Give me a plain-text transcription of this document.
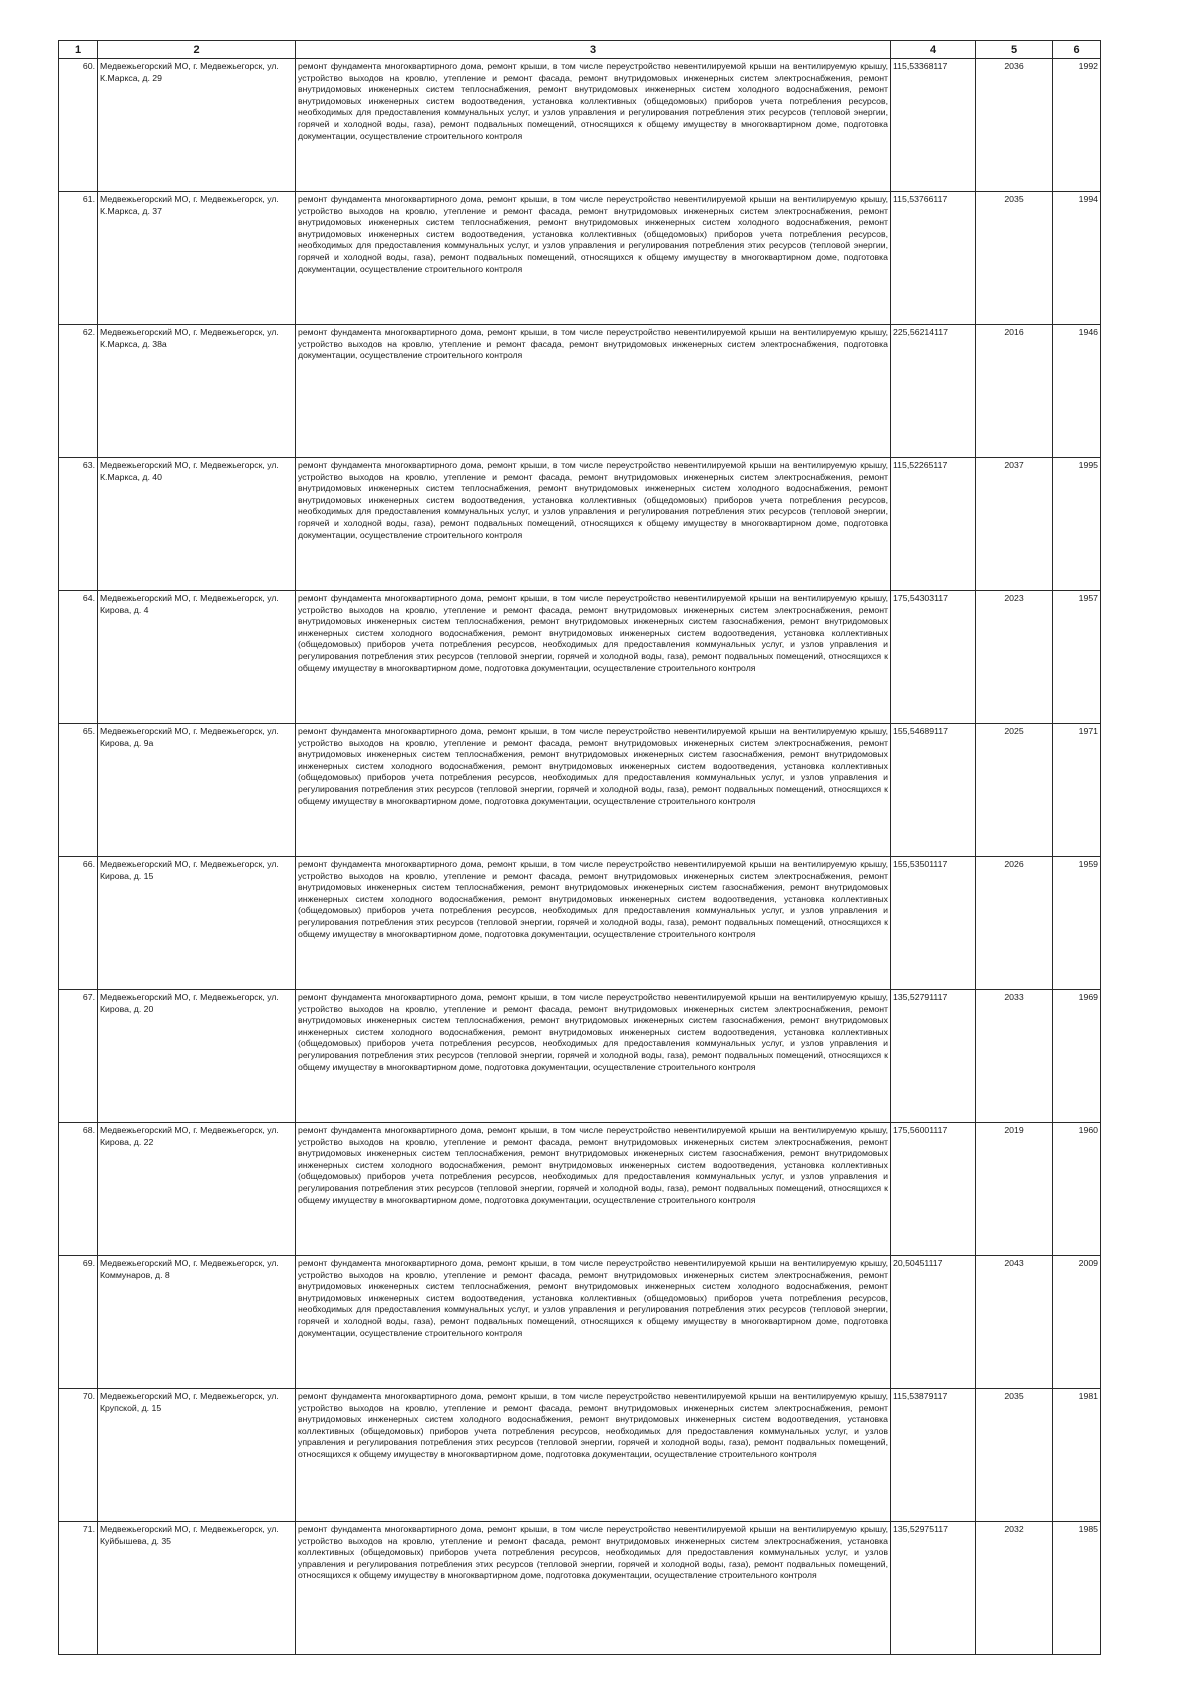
1	2	3	4	5	6
60.	Медвежьегорский МО, г. Медвежьегорск, ул. К.Маркса, д. 29	ремонт фундамента многоквартирного дома, ремонт крыши, в том числе переустройство невентилируемой крыши на вентилируемую крышу, устройство выходов на кровлю, утепление и ремонт фасада, ремонт внутридомовых инженерных систем электроснабжения, ремонт внутридомовых инженерных систем теплоснабжения, ремонт внутридомовых инженерных систем холодного водоснабжения, ремонт внутридомовых инженерных систем водоотведения, установка коллективных (общедомовых) приборов учета потребления ресурсов, необходимых для предоставления коммунальных услуг, и узлов управления и регулирования потребления этих ресурсов (тепловой энергии, горячей и холодной воды, газа), ремонт подвальных помещений, относящихся к общему имуществу в многоквартирном доме, подготовка документации, осуществление строительного контроля	115,53368117	2036	1992
61.	Медвежьегорский МО, г. Медвежьегорск, ул. К.Маркса, д. 37	ремонт фундамента многоквартирного дома, ремонт крыши, в том числе переустройство невентилируемой крыши на вентилируемую крышу, устройство выходов на кровлю, утепление и ремонт фасада, ремонт внутридомовых инженерных систем электроснабжения, ремонт внутридомовых инженерных систем теплоснабжения, ремонт внутридомовых инженерных систем холодного водоснабжения, ремонт внутридомовых инженерных систем водоотведения, установка коллективных (общедомовых) приборов учета потребления ресурсов, необходимых для предоставления коммунальных услуг, и узлов управления и регулирования потребления этих ресурсов (тепловой энергии, горячей и холодной воды, газа), ремонт подвальных помещений, относящихся к общему имуществу в многоквартирном доме, подготовка документации, осуществление строительного контроля	115,53766117	2035	1994
62.	Медвежьегорский МО, г. Медвежьегорск, ул. К.Маркса, д. 38а	ремонт фундамента многоквартирного дома, ремонт крыши, в том числе переустройство невентилируемой крыши на вентилируемую крышу, устройство выходов на кровлю, утепление и ремонт фасада, ремонт внутридомовых инженерных систем электроснабжения, подготовка документации, осуществление строительного контроля	225,56214117	2016	1946
63.	Медвежьегорский МО, г. Медвежьегорск, ул. К.Маркса, д. 40	ремонт фундамента многоквартирного дома, ремонт крыши, в том числе переустройство невентилируемой крыши на вентилируемую крышу, устройство выходов на кровлю, утепление и ремонт фасада, ремонт внутридомовых инженерных систем электроснабжения, ремонт внутридомовых инженерных систем теплоснабжения, ремонт внутридомовых инженерных систем холодного водоснабжения, ремонт внутридомовых инженерных систем водоотведения, установка коллективных (общедомовых) приборов учета потребления ресурсов, необходимых для предоставления коммунальных услуг, и узлов управления и регулирования потребления этих ресурсов (тепловой энергии, горячей и холодной воды, газа), ремонт подвальных помещений, относящихся к общему имуществу в многоквартирном доме, подготовка документации, осуществление строительного контроля	115,52265117	2037	1995
64.	Медвежьегорский МО, г. Медвежьегорск, ул. Кирова, д. 4	ремонт фундамента многоквартирного дома, ремонт крыши, в том числе переустройство невентилируемой крыши на вентилируемую крышу, устройство выходов на кровлю, утепление и ремонт фасада, ремонт внутридомовых инженерных систем электроснабжения, ремонт внутридомовых инженерных систем теплоснабжения, ремонт внутридомовых инженерных систем газоснабжения, ремонт внутридомовых инженерных систем холодного водоснабжения, ремонт внутридомовых инженерных систем водоотведения, установка коллективных (общедомовых) приборов учета потребления ресурсов, необходимых для предоставления коммунальных услуг, и узлов управления и регулирования потребления этих ресурсов (тепловой энергии, горячей и холодной воды, газа), ремонт подвальных помещений, относящихся к общему имуществу в многоквартирном доме, подготовка документации, осуществление строительного контроля	175,54303117	2023	1957
65.	Медвежьегорский МО, г. Медвежьегорск, ул. Кирова, д. 9а	ремонт фундамента многоквартирного дома, ремонт крыши, в том числе переустройство невентилируемой крыши на вентилируемую крышу, устройство выходов на кровлю, утепление и ремонт фасада, ремонт внутридомовых инженерных систем электроснабжения, ремонт внутридомовых инженерных систем теплоснабжения, ремонт внутридомовых инженерных систем газоснабжения, ремонт внутридомовых инженерных систем холодного водоснабжения, ремонт внутридомовых инженерных систем водоотведения, установка коллективных (общедомовых) приборов учета потребления ресурсов, необходимых для предоставления коммунальных услуг, и узлов управления и регулирования потребления этих ресурсов (тепловой энергии, горячей и холодной воды, газа), ремонт подвальных помещений, относящихся к общему имуществу в многоквартирном доме, подготовка документации, осуществление строительного контроля	155,54689117	2025	1971
66.	Медвежьегорский МО, г. Медвежьегорск, ул. Кирова, д. 15	ремонт фундамента многоквартирного дома, ремонт крыши, в том числе переустройство невентилируемой крыши на вентилируемую крышу, устройство выходов на кровлю, утепление и ремонт фасада, ремонт внутридомовых инженерных систем электроснабжения, ремонт внутридомовых инженерных систем теплоснабжения, ремонт внутридомовых инженерных систем газоснабжения, ремонт внутридомовых инженерных систем холодного водоснабжения, ремонт внутридомовых инженерных систем водоотведения, установка коллективных (общедомовых) приборов учета потребления ресурсов, необходимых для предоставления коммунальных услуг, и узлов управления и регулирования потребления этих ресурсов (тепловой энергии, горячей и холодной воды, газа), ремонт подвальных помещений, относящихся к общему имуществу в многоквартирном доме, подготовка документации, осуществление строительного контроля	155,53501117	2026	1959
67.	Медвежьегорский МО, г. Медвежьегорск, ул. Кирова, д. 20	ремонт фундамента многоквартирного дома, ремонт крыши, в том числе переустройство невентилируемой крыши на вентилируемую крышу, устройство выходов на кровлю, утепление и ремонт фасада, ремонт внутридомовых инженерных систем электроснабжения, ремонт внутридомовых инженерных систем теплоснабжения, ремонт внутридомовых инженерных систем газоснабжения, ремонт внутридомовых инженерных систем холодного водоснабжения, ремонт внутридомовых инженерных систем водоотведения, установка коллективных (общедомовых) приборов учета потребления ресурсов, необходимых для предоставления коммунальных услуг, и узлов управления и регулирования потребления этих ресурсов (тепловой энергии, горячей и холодной воды, газа), ремонт подвальных помещений, относящихся к общему имуществу в многоквартирном доме, подготовка документации, осуществление строительного контроля	135,52791117	2033	1969
68.	Медвежьегорский МО, г. Медвежьегорск, ул. Кирова, д. 22	ремонт фундамента многоквартирного дома, ремонт крыши, в том числе переустройство невентилируемой крыши на вентилируемую крышу, устройство выходов на кровлю, утепление и ремонт фасада, ремонт внутридомовых инженерных систем электроснабжения, ремонт внутридомовых инженерных систем теплоснабжения, ремонт внутридомовых инженерных систем газоснабжения, ремонт внутридомовых инженерных систем холодного водоснабжения, ремонт внутридомовых инженерных систем водоотведения, установка коллективных (общедомовых) приборов учета потребления ресурсов, необходимых для предоставления коммунальных услуг, и узлов управления и регулирования потребления этих ресурсов (тепловой энергии, горячей и холодной воды, газа), ремонт подвальных помещений, относящихся к общему имуществу в многоквартирном доме, подготовка документации, осуществление строительного контроля	175,56001117	2019	1960
69.	Медвежьегорский МО, г. Медвежьегорск, ул. Коммунаров, д. 8	ремонт фундамента многоквартирного дома, ремонт крыши, в том числе переустройство невентилируемой крыши на вентилируемую крышу, устройство выходов на кровлю, утепление и ремонт фасада, ремонт внутридомовых инженерных систем электроснабжения, ремонт внутридомовых инженерных систем теплоснабжения, ремонт внутридомовых инженерных систем холодного водоснабжения, ремонт внутридомовых инженерных систем водоотведения, установка коллективных (общедомовых) приборов учета потребления ресурсов, необходимых для предоставления коммунальных услуг, и узлов управления и регулирования потребления этих ресурсов (тепловой энергии, горячей и холодной воды, газа), ремонт подвальных помещений, относящихся к общему имуществу в многоквартирном доме, подготовка документации, осуществление строительного контроля	20,50451117	2043	2009
70.	Медвежьегорский МО, г. Медвежьегорск, ул. Крупской, д. 15	ремонт фундамента многоквартирного дома, ремонт крыши, в том числе переустройство невентилируемой крыши на вентилируемую крышу, устройство выходов на кровлю, утепление и ремонт фасада, ремонт внутридомовых инженерных систем электроснабжения, ремонт внутридомовых инженерных систем холодного водоснабжения, ремонт внутридомовых инженерных систем водоотведения, установка коллективных (общедомовых) приборов учета потребления ресурсов, необходимых для предоставления коммунальных услуг, и узлов управления и регулирования потребления этих ресурсов (тепловой энергии, горячей и холодной воды, газа), ремонт подвальных помещений, относящихся к общему имуществу в многоквартирном доме, подготовка документации, осуществление строительного контроля	115,53879117	2035	1981
71.	Медвежьегорский МО, г. Медвежьегорск, ул. Куйбышева, д. 35	ремонт фундамента многоквартирного дома, ремонт крыши, в том числе переустройство невентилируемой крыши на вентилируемую крышу, устройство выходов на кровлю, утепление и ремонт фасада, ремонт внутридомовых инженерных систем электроснабжения, установка коллективных (общедомовых) приборов учета потребления ресурсов, необходимых для предоставления коммунальных услуг, и узлов управления и регулирования потребления этих ресурсов (тепловой энергии, горячей и холодной воды, газа), ремонт подвальных помещений, относящихся к общему имуществу в многоквартирном доме, подготовка документации, осуществление строительного контроля	135,52975117	2032	1985
